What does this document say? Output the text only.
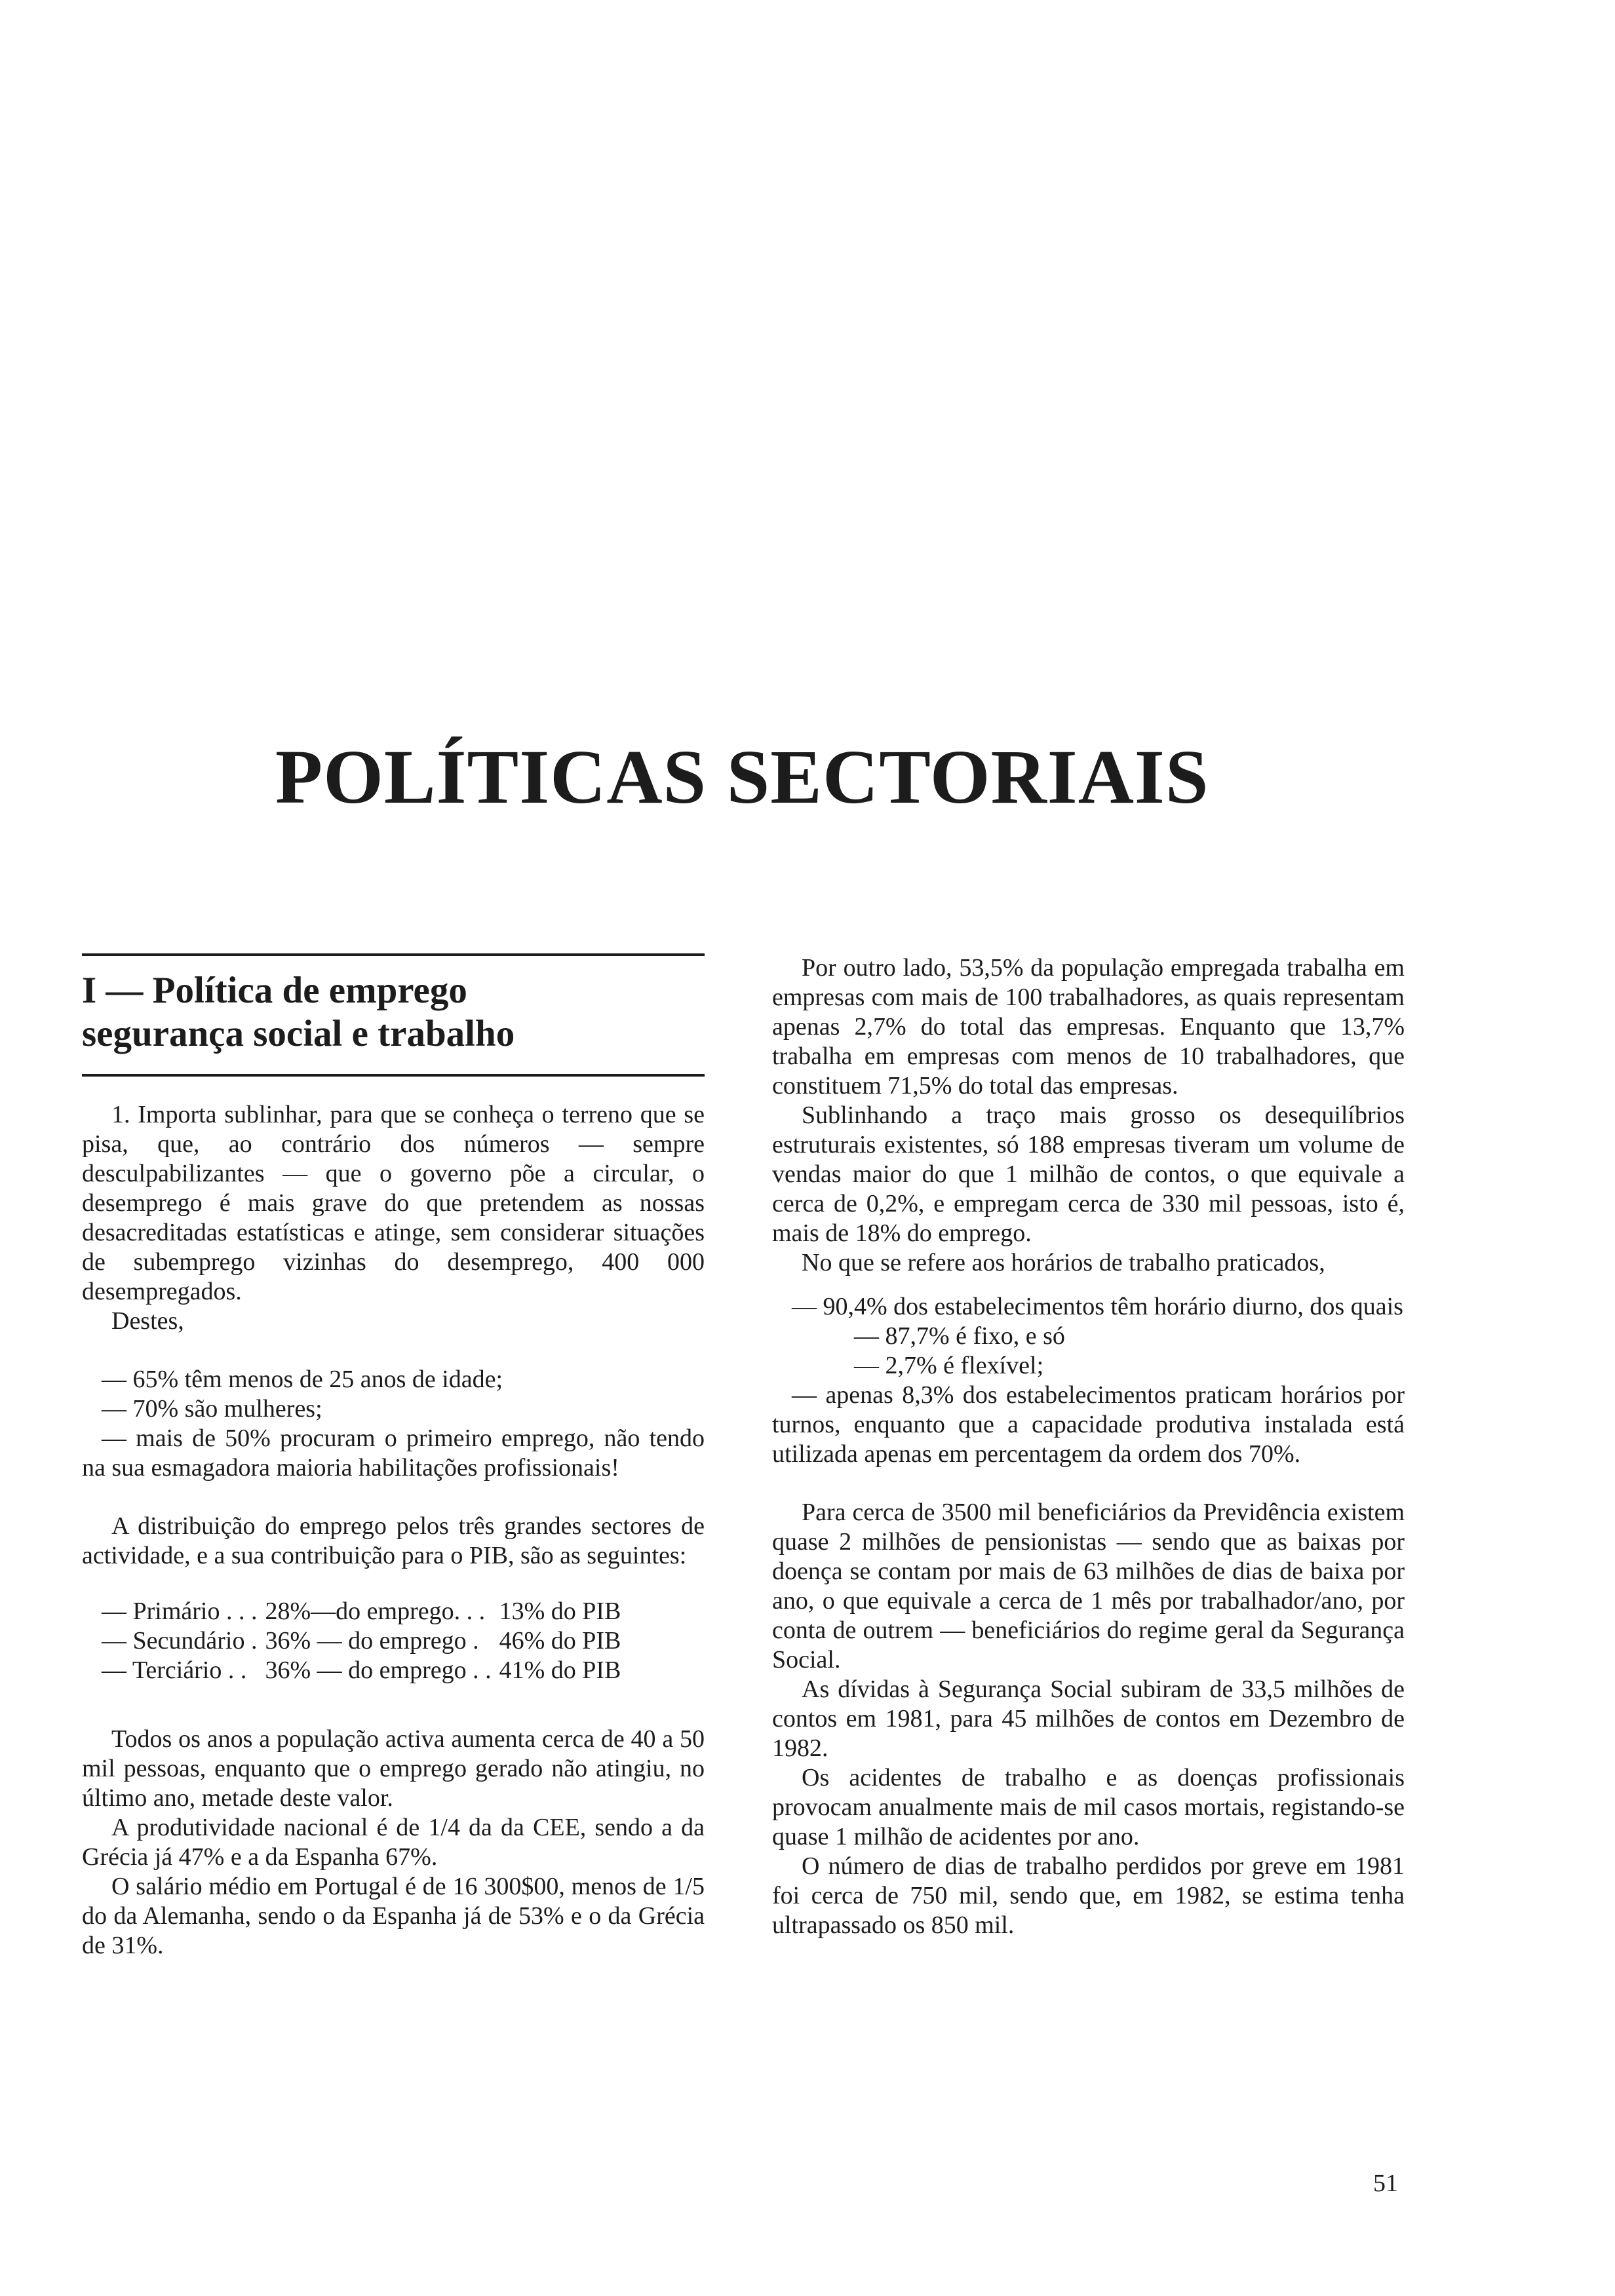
POLÍTICAS SECTORIAIS
I — Política de emprego
segurança social e trabalho

1. Importa sublinhar, para que se conheça o terreno que se pisa, que, ao contrário dos números — sempre desculpabilizantes — que o governo põe a circular, o desemprego é mais grave do que pretendem as nossas desacreditadas estatísticas e atinge, sem considerar situações de subemprego vizinhas do desemprego, 400 000 desempregados.

Destes,

— 65% têm menos de 25 anos de idade;

— 70% são mulheres;

— mais de 50% procuram o primeiro emprego, não tendo na sua esmagadora maioria habilitações profissionais!

A distribuição do emprego pelos três grandes sectores de actividade, e a sua contribuição para o PIB, são as seguintes:

— Primário . . .	28%—do emprego. . .	13% do PIB
— Secundário .	36% — do emprego .	46% do PIB
— Terciário . .	36% — do emprego . .	41% do PIB

Todos os anos a população activa aumenta cerca de 40 a 50 mil pessoas, enquanto que o emprego gerado não atingiu, no último ano, metade deste valor.

A produtividade nacional é de 1/4 da da CEE, sendo a da Grécia já 47% e a da Espanha 67%.

O salário médio em Portugal é de 16 300$00, menos de 1/5 do da Alemanha, sendo o da Espanha já de 53% e o da Grécia de 31%.

Por outro lado, 53,5% da população empregada trabalha em empresas com mais de 100 trabalhadores, as quais representam apenas 2,7% do total das empresas. Enquanto que 13,7% trabalha em empresas com menos de 10 trabalhadores, que constituem 71,5% do total das empresas.

Sublinhando a traço mais grosso os desequilíbrios estruturais existentes, só 188 empresas tiveram um volume de vendas maior do que 1 milhão de contos, o que equivale a cerca de 0,2%, e empregam cerca de 330 mil pessoas, isto é, mais de 18% do emprego.

No que se refere aos horários de trabalho praticados,

— 90,4% dos estabelecimentos têm horário diurno, dos quais

— 87,7% é fixo, e só

— 2,7% é flexível;

— apenas 8,3% dos estabelecimentos praticam horários por turnos, enquanto que a capacidade produtiva instalada está utilizada apenas em percentagem da ordem dos 70%.

Para cerca de 3500 mil beneficiários da Previdência existem quase 2 milhões de pensionistas — sendo que as baixas por doença se contam por mais de 63 milhões de dias de baixa por ano, o que equivale a cerca de 1 mês por trabalhador/ano, por conta de outrem — beneficiários do regime geral da Segurança Social.

As dívidas à Segurança Social subiram de 33,5 milhões de contos em 1981, para 45 milhões de contos em Dezembro de 1982.

Os acidentes de trabalho e as doenças profissionais provocam anualmente mais de mil casos mortais, registando-se quase 1 milhão de acidentes por ano.

O número de dias de trabalho perdidos por greve em 1981 foi cerca de 750 mil, sendo que, em 1982, se estima tenha ultrapassado os 850 mil.

51
